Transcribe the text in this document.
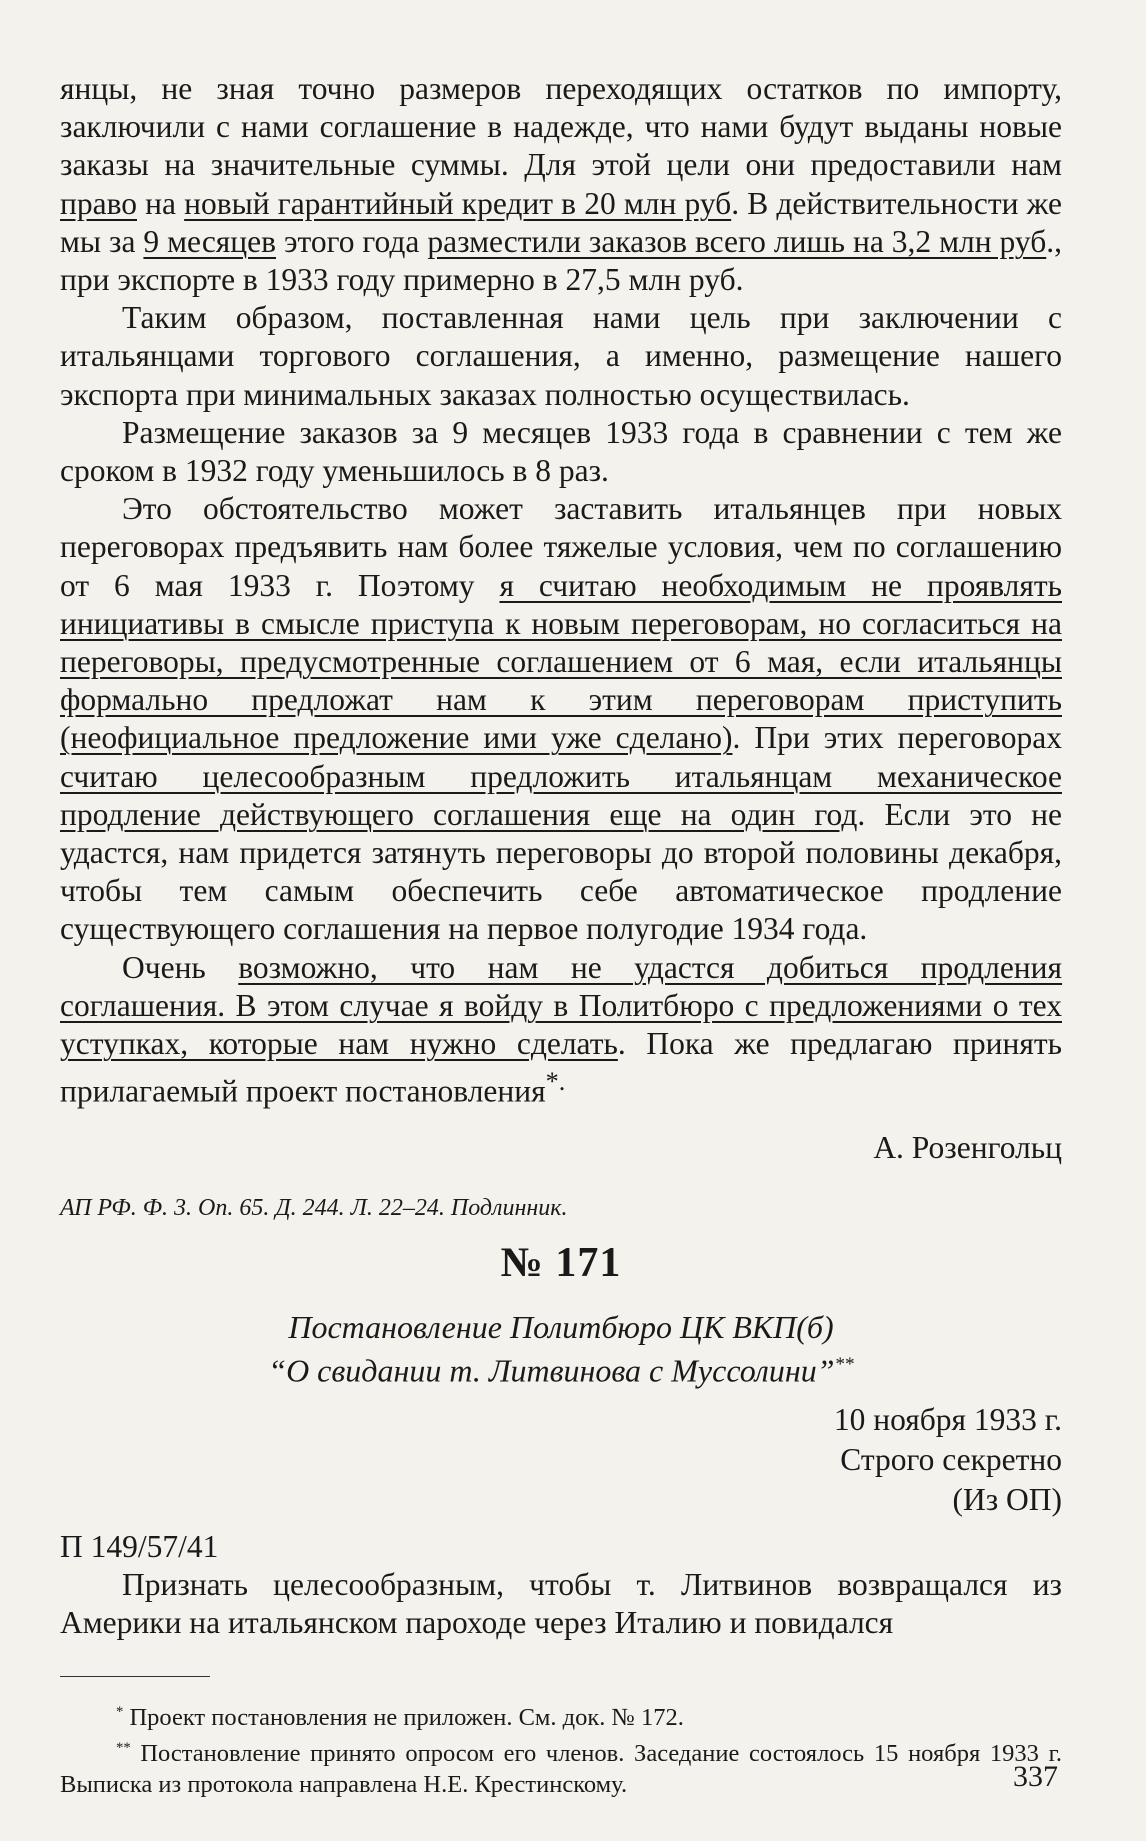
янцы, не зная точно размеров переходящих остатков по импорту, заключили с нами соглашение в надежде, что нами будут выданы новые заказы на значительные суммы. Для этой цели они предоставили нам право на новый гарантийный кредит в 20 млн руб. В действительности же мы за 9 месяцев этого года разместили заказов всего лишь на 3,2 млн руб., при экспорте в 1933 году примерно в 27,5 млн руб.

Таким образом, поставленная нами цель при заключении с итальянцами торгового соглашения, а именно, размещение нашего экспорта при минимальных заказах полностью осуществилась.

Размещение заказов за 9 месяцев 1933 года в сравнении с тем же сроком в 1932 году уменьшилось в 8 раз.

Это обстоятельство может заставить итальянцев при новых переговорах предъявить нам более тяжелые условия, чем по соглашению от 6 мая 1933 г. Поэтому я считаю необходимым не проявлять инициативы в смысле приступа к новым переговорам, но согласиться на переговоры, предусмотренные соглашением от 6 мая, если итальянцы формально предложат нам к этим переговорам приступить (неофициальное предложение ими уже сделано). При этих переговорах считаю целесообразным предложить итальянцам механическое продление действующего соглашения еще на один год. Если это не удастся, нам придется затянуть переговоры до второй половины декабря, чтобы тем самым обеспечить себе автоматическое продление существующего соглашения на первое полугодие 1934 года.

Очень возможно, что нам не удастся добиться продления соглашения. В этом случае я войду в Политбюро с предложениями о тех уступках, которые нам нужно сделать. Пока же предлагаю принять прилагаемый проект постановления*.

А. Розенгольц
АП РФ. Ф. 3. Оп. 65. Д. 244. Л. 22–24. Подлинник.
№ 171
Постановление Политбюро ЦК ВКП(б)
“О свидании т. Литвинова с Муссолини”**
10 ноября 1933 г.
Строго секретно
(Из ОП)
П 149/57/41

Признать целесообразным, чтобы т. Литвинов возвращался из Америки на итальянском пароходе через Италию и повидался

* Проект постановления не приложен. См. док. № 172.

** Постановление принято опросом его членов. Заседание состоялось 15 ноября 1933 г. Выписка из протокола направлена Н.Е. Крестинскому.	337
